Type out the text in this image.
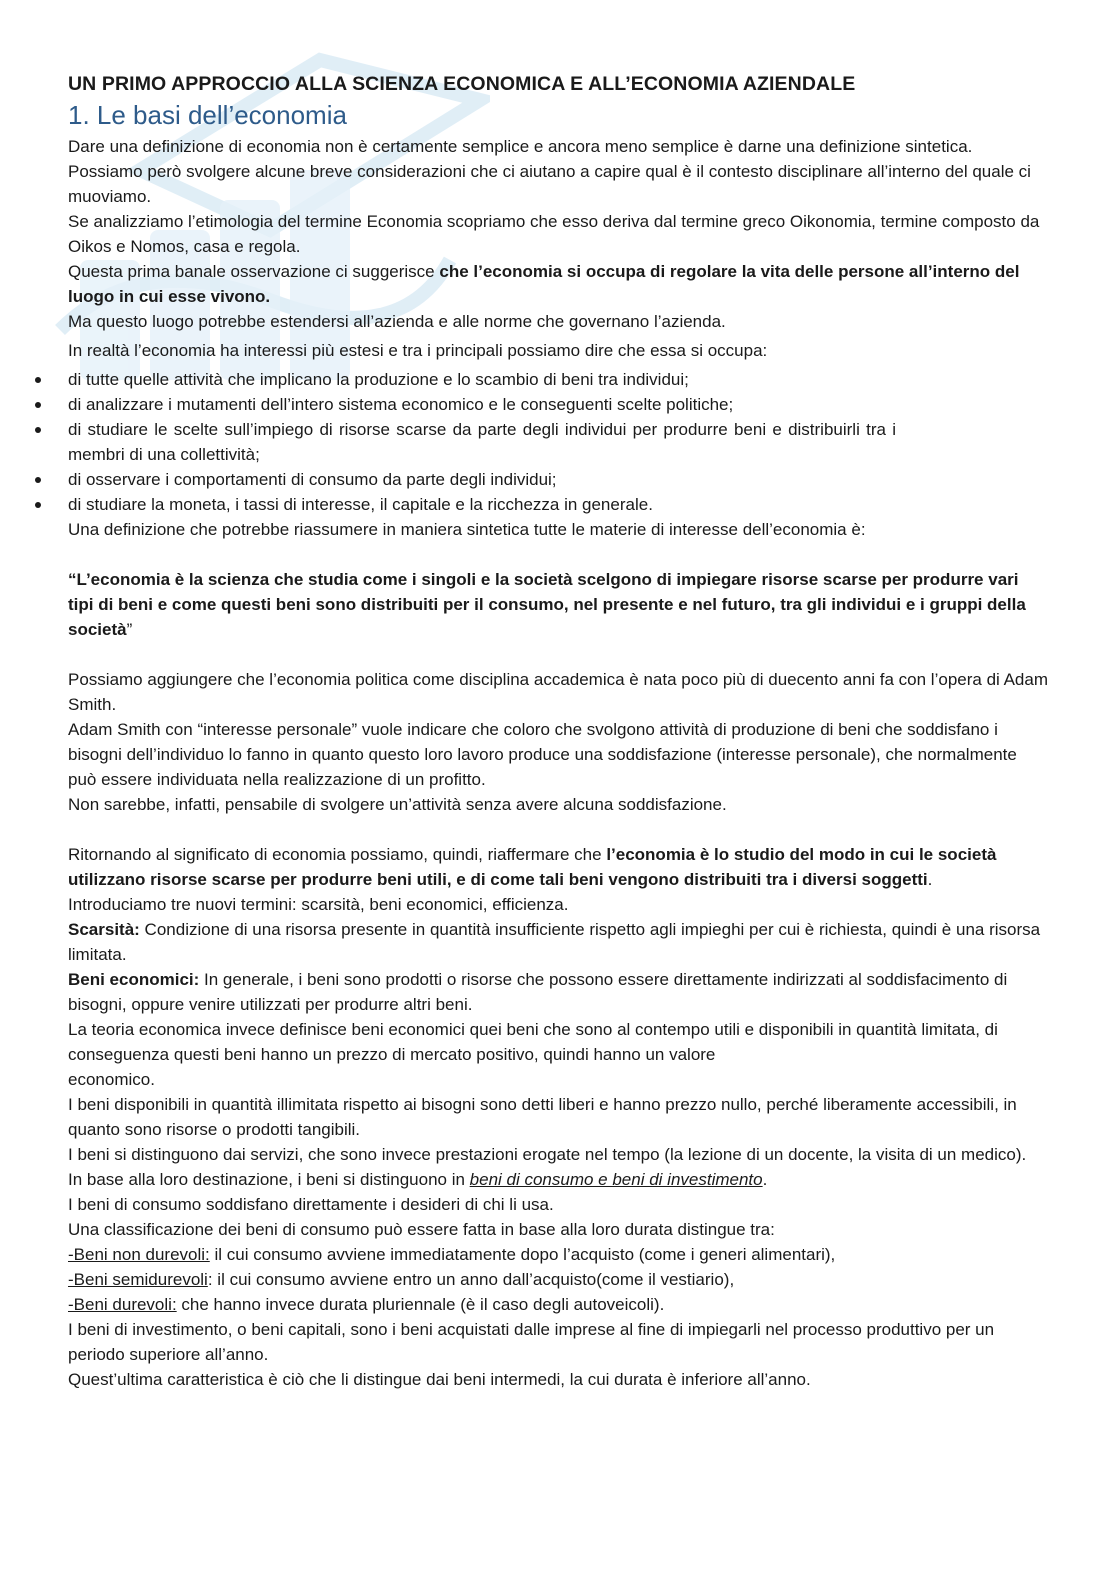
UN PRIMO APPROCCIO ALLA SCIENZA ECONOMICA E ALL’ECONOMIA AZIENDALE
1. Le basi dell’economia

Dare una definizione di economia non è certamente semplice e ancora meno semplice è darne una definizione sintetica.

Possiamo però svolgere alcune breve considerazioni che ci aiutano a capire qual è il contesto disciplinare all’interno del quale ci muoviamo.

Se analizziamo l’etimologia del termine Economia scopriamo che esso deriva dal termine greco Oikonomia, termine composto da Oikos e Nomos, casa e regola.

Questa prima banale osservazione ci suggerisce che l’economia si occupa di regolare la vita delle persone all’interno del luogo in cui esse vivono.

Ma questo luogo potrebbe estendersi all’azienda e alle norme che governano l’azienda.

In realtà l’economia ha interessi più estesi e tra i principali possiamo dire che essa si occupa:

di tutte quelle attività che implicano la produzione e lo scambio di beni tra individui;
di analizzare i mutamenti dell’intero sistema economico e le conseguenti scelte politiche;
di studiare le scelte sull’impiego di risorse scarse da parte degli individui per produrre beni e distribuirli tra i membri di una collettività;
di osservare i comportamenti di consumo da parte degli individui;
di studiare la moneta, i tassi di interesse, il capitale e la ricchezza in generale.

Una definizione che potrebbe riassumere in maniera sintetica tutte le materie di interesse dell’economia è:

“L’economia è la scienza che studia come i singoli e la società scelgono di impiegare risorse scarse per produrre vari tipi di beni e come questi beni sono distribuiti per il consumo, nel presente e nel futuro, tra gli individui e i gruppi della società”

Possiamo aggiungere che l’economia politica come disciplina accademica è nata poco più di duecento anni fa con l’opera di Adam Smith.

Adam Smith con “interesse personale” vuole indicare che coloro che svolgono attività di produzione di beni che soddisfano i bisogni dell’individuo lo fanno in quanto questo loro lavoro produce una soddisfazione (interesse personale), che normalmente può essere individuata nella realizzazione di un profitto.

Non sarebbe, infatti, pensabile di svolgere un’attività senza avere alcuna soddisfazione.

Ritornando al significato di economia possiamo, quindi, riaffermare che l’economia è lo studio del modo in cui le società utilizzano risorse scarse per produrre beni utili, e di come tali beni vengono distribuiti tra i diversi soggetti.

Introduciamo tre nuovi termini: scarsità, beni economici, efficienza.

Scarsità: Condizione di una risorsa presente in quantità insufficiente rispetto agli impieghi per cui è richiesta, quindi è una risorsa limitata.

Beni economici: In generale, i beni sono prodotti o risorse che possono essere direttamente indirizzati al soddisfacimento di bisogni, oppure venire utilizzati per produrre altri beni.

La teoria economica invece definisce beni economici quei beni che sono al contempo utili e disponibili in quantità limitata, di conseguenza questi beni hanno un prezzo di mercato positivo, quindi hanno un valore
economico.

I beni disponibili in quantità illimitata rispetto ai bisogni sono detti liberi e hanno prezzo nullo, perché liberamente accessibili, in quanto sono risorse o prodotti tangibili.

I beni si distinguono dai servizi, che sono invece prestazioni erogate nel tempo (la lezione di un docente, la visita di un medico).

In base alla loro destinazione, i beni si distinguono in beni di consumo e beni di investimento.

I beni di consumo soddisfano direttamente i desideri di chi li usa.

Una classificazione dei beni di consumo può essere fatta in base alla loro durata distingue tra:

-Beni non durevoli: il cui consumo avviene immediatamente dopo l’acquisto (come i generi alimentari),

-Beni semidurevoli: il cui consumo avviene entro un anno dall’acquisto(come il vestiario),

-Beni durevoli: che hanno invece durata pluriennale (è il caso degli autoveicoli).

I beni di investimento, o beni capitali, sono i beni acquistati dalle imprese al fine di impiegarli nel processo produttivo per un periodo superiore all’anno.

Quest’ultima caratteristica è ciò che li distingue dai beni intermedi, la cui durata è inferiore all’anno.
